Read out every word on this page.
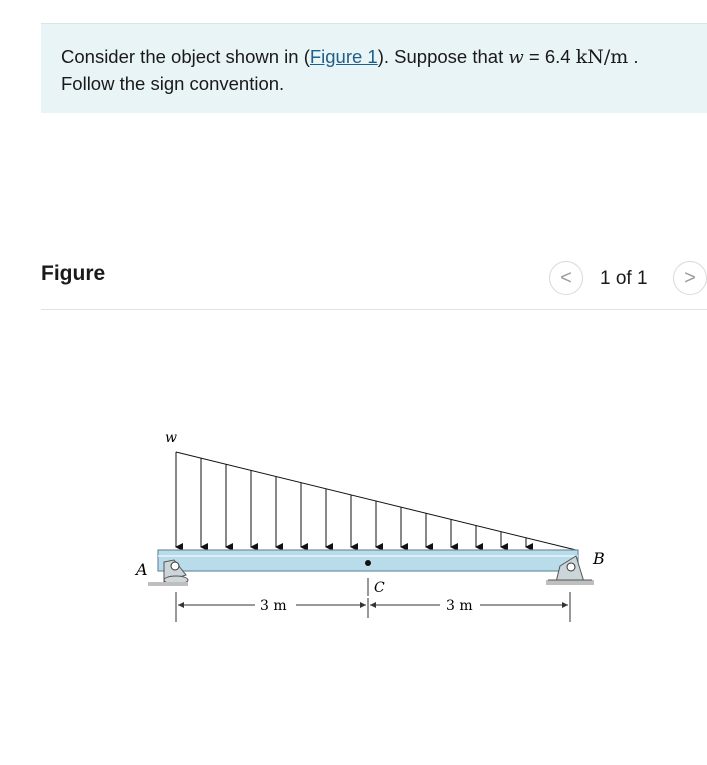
Consider the object shown in (Figure 1). Suppose that w = 6.4 kN/m .
Follow the sign convention.
Figure	< 1 of 1 >
w
A
B
C
3 m	3 m
